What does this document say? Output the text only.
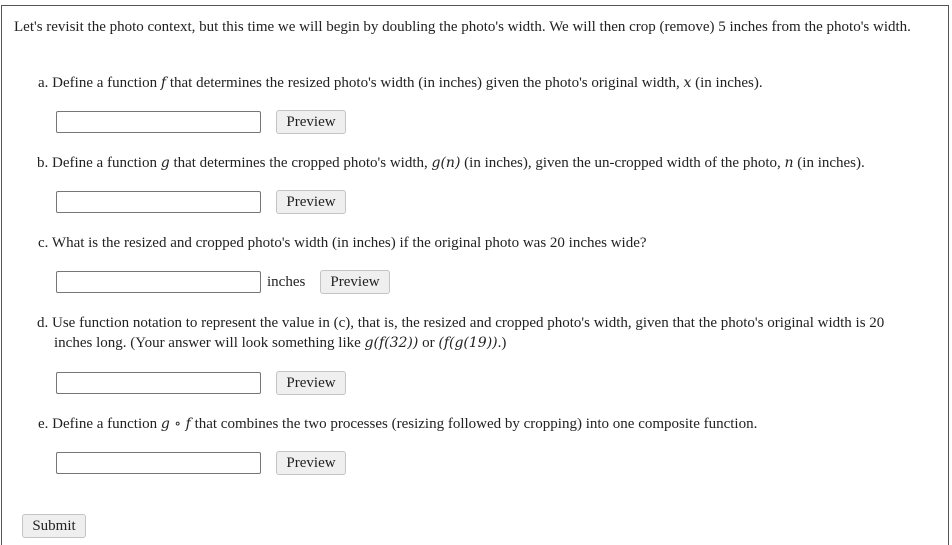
Let's revisit the photo context, but this time we will begin by doubling the photo's width. We will then crop (remove) 5 inches from the photo's width.
a. Define a function f that determines the resized photo's width (in inches) given the photo's original width, x (in inches).
Preview
b. Define a function g that determines the cropped photo's width, g(n) (in inches), given the un-cropped width of the photo, n (in inches).
Preview
c. What is the resized and cropped photo's width (in inches) if the original photo was 20 inches wide?
inches	Preview
d. Use function notation to represent the value in (c), that is, the resized and cropped photo's width, given that the photo's original width is 20
inches long. (Your answer will look something like g(f(32)) or (f(g(19)).)
Preview
e. Define a function g ∘ f that combines the two processes (resizing followed by cropping) into one composite function.
Preview
Submit
